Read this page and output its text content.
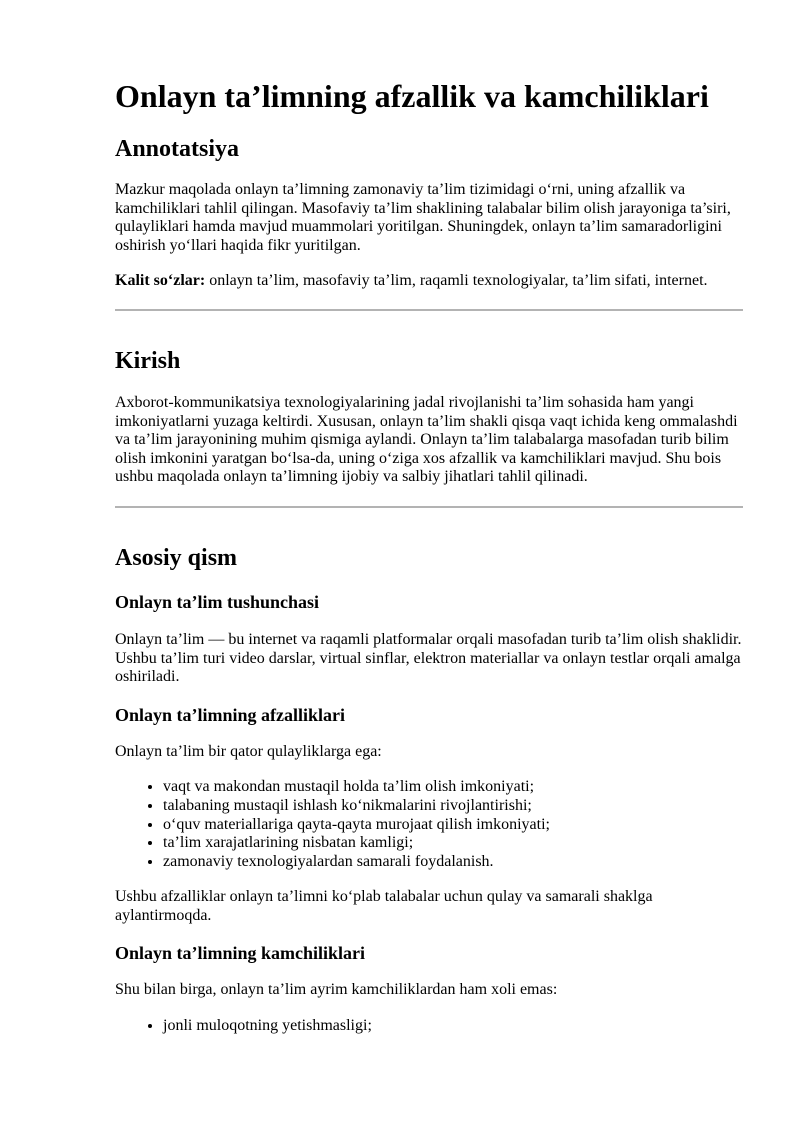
Onlayn ta’limning afzallik va kamchiliklari
Annotatsiya

Mazkur maqolada onlayn ta’limning zamonaviy ta’lim tizimidagi o‘rni, uning afzallik va kamchiliklari tahlil qilingan. Masofaviy ta’lim shaklining talabalar bilim olish jarayoniga ta’siri, qulayliklari hamda mavjud muammolari yoritilgan. Shuningdek, onlayn ta’lim samaradorligini oshirish yo‘llari haqida fikr yuritilgan.

Kalit so‘zlar: onlayn ta’lim, masofaviy ta’lim, raqamli texnologiyalar, ta’lim sifati, internet.

Kirish

Axborot-kommunikatsiya texnologiyalarining jadal rivojlanishi ta’lim sohasida ham yangi imkoniyatlarni yuzaga keltirdi. Xususan, onlayn ta’lim shakli qisqa vaqt ichida keng ommalashdi va ta’lim jarayonining muhim qismiga aylandi. Onlayn ta’lim talabalarga masofadan turib bilim olish imkonini yaratgan bo‘lsa-da, uning o‘ziga xos afzallik va kamchiliklari mavjud. Shu bois ushbu maqolada onlayn ta’limning ijobiy va salbiy jihatlari tahlil qilinadi.

Asosiy qism
Onlayn ta’lim tushunchasi

Onlayn ta’lim — bu internet va raqamli platformalar orqali masofadan turib ta’lim olish shaklidir. Ushbu ta’lim turi video darslar, virtual sinflar, elektron materiallar va onlayn testlar orqali amalga oshiriladi.

Onlayn ta’limning afzalliklari

Onlayn ta’lim bir qator qulayliklarga ega:

• vaqt va makondan mustaqil holda ta’lim olish imkoniyati;
• talabaning mustaqil ishlash ko‘nikmalarini rivojlantirishi;
• o‘quv materiallariga qayta-qayta murojaat qilish imkoniyati;
• ta’lim xarajatlarining nisbatan kamligi;
• zamonaviy texnologiyalardan samarali foydalanish.

Ushbu afzalliklar onlayn ta’limni ko‘plab talabalar uchun qulay va samarali shaklga aylantirmoqda.

Onlayn ta’limning kamchiliklari

Shu bilan birga, onlayn ta’lim ayrim kamchiliklardan ham xoli emas:

• jonli muloqotning yetishmasligi;
